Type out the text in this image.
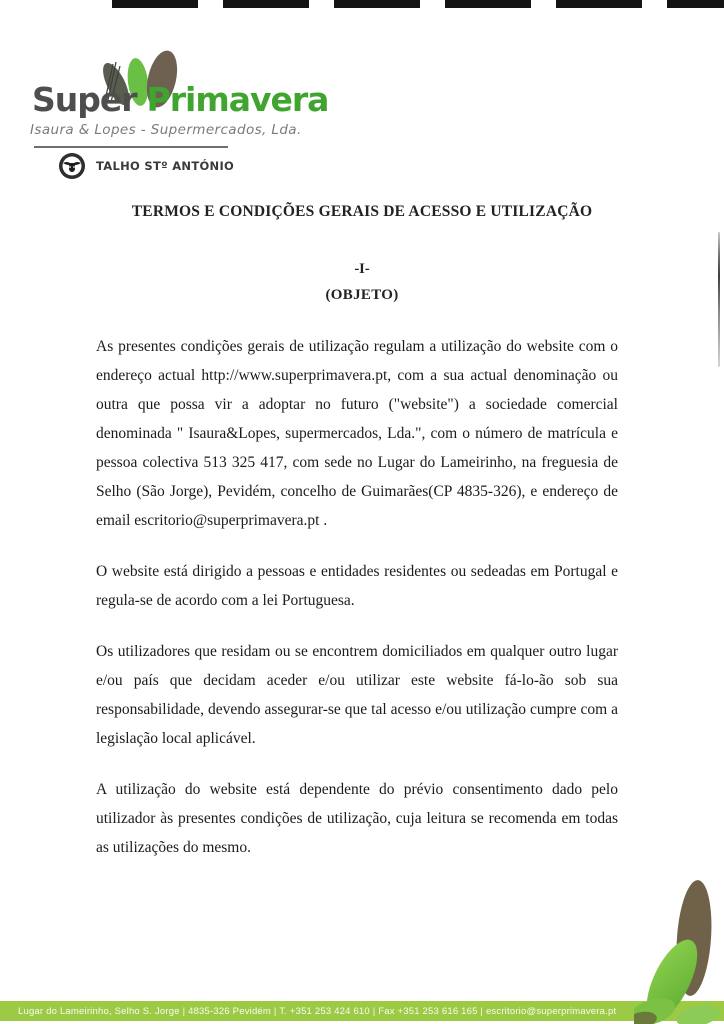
Super Primavera
Isaura & Lopes - Supermercados, Lda.
TALHO STº ANTÓNIO
TERMOS E CONDIÇÕES GERAIS DE ACESSO E UTILIZAÇÃO
-I-
(OBJETO)

As presentes condições gerais de utilização regulam a utilização do website com o endereço actual http://www.superprimavera.pt, com a sua actual denominação ou outra que possa vir a adoptar no futuro ("website") a sociedade comercial denominada " Isaura&Lopes, supermercados, Lda.", com o número de matrícula e pessoa colectiva 513 325 417, com sede no Lugar do Lameirinho, na freguesia de Selho (São Jorge), Pevidém, concelho de Guimarães(CP 4835-326), e endereço de email escritorio@superprimavera.pt .

O website está dirigido a pessoas e entidades residentes ou sedeadas em Portugal e regula-se de acordo com a lei Portuguesa.

Os utilizadores que residam ou se encontrem domiciliados em qualquer outro lugar e/ou país que decidam aceder e/ou utilizar este website fá-lo-ão sob sua responsabilidade, devendo assegurar-se que tal acesso e/ou utilização cumpre com a legislação local aplicável.

A utilização do website está dependente do prévio consentimento dado pelo utilizador às presentes condições de utilização, cuja leitura se recomenda em todas as utilizações do mesmo.

Lugar do Lameirinho, Selho S. Jorge | 4835-326 Pevidém | T. +351 253 424 610 | Fax +351 253 616 165 | escritorio@superprimavera.pt
